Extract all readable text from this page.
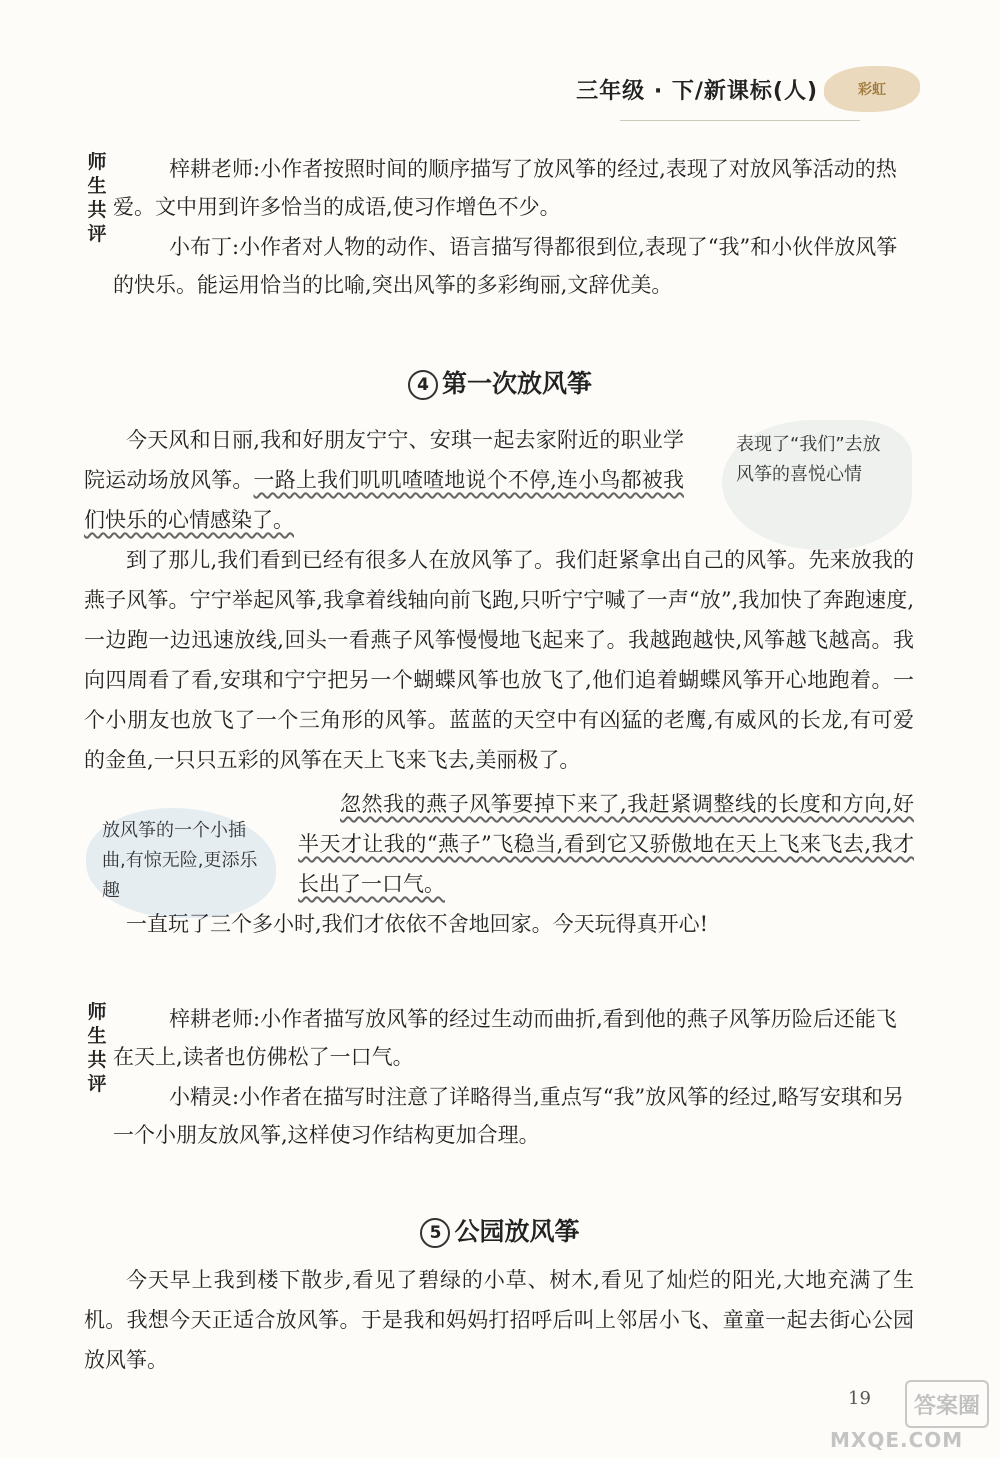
三年级 · 下/新课标(人)	彩虹
师生共评
梓耕老师:小作者按照时间的顺序描写了放风筝的经过,表现了对放风筝活动的热爱。文中用到许多恰当的成语,使习作增色不少。
小布丁:小作者对人物的动作、语言描写得都很到位,表现了“我”和小伙伴放风筝的快乐。能运用恰当的比喻,突出风筝的多彩绚丽,文辞优美。
4 第一次放风筝

今天风和日丽,我和好朋友宁宁、安琪一起去家附近的职业学院运动场放风筝。一路上我们叽叽喳喳地说个不停,连小鸟都被我们快乐的心情感染了。

表现了“我们”去放风筝的喜悦心情

到了那儿,我们看到已经有很多人在放风筝了。我们赶紧拿出自己的风筝。先来放我的燕子风筝。宁宁举起风筝,我拿着线轴向前飞跑,只听宁宁喊了一声“放”,我加快了奔跑速度,一边跑一边迅速放线,回头一看燕子风筝慢慢地飞起来了。我越跑越快,风筝越飞越高。我向四周看了看,安琪和宁宁把另一个蝴蝶风筝也放飞了,他们追着蝴蝶风筝开心地跑着。一个小朋友也放飞了一个三角形的风筝。蓝蓝的天空中有凶猛的老鹰,有威风的长龙,有可爱的金鱼,一只只五彩的风筝在天上飞来飞去,美丽极了。

忽然我的燕子风筝要掉下来了,我赶紧调整线的长度和方向,好半天才让我的“燕子”飞稳当,看到它又骄傲地在天上飞来飞去,我才长出了一口气。

放风筝的一个小插曲,有惊无险,更添乐趣

一直玩了三个多小时,我们才依依不舍地回家。今天玩得真开心!

师生共评
梓耕老师:小作者描写放风筝的经过生动而曲折,看到他的燕子风筝历险后还能飞在天上,读者也仿佛松了一口气。
小精灵:小作者在描写时注意了详略得当,重点写“我”放风筝的经过,略写安琪和另一个小朋友放风筝,这样使习作结构更加合理。
5 公园放风筝

今天早上我到楼下散步,看见了碧绿的小草、树木,看见了灿烂的阳光,大地充满了生机。我想今天正适合放风筝。于是我和妈妈打招呼后叫上邻居小飞、童童一起去街心公园放风筝。

19	答案圈
MXQE.COM
